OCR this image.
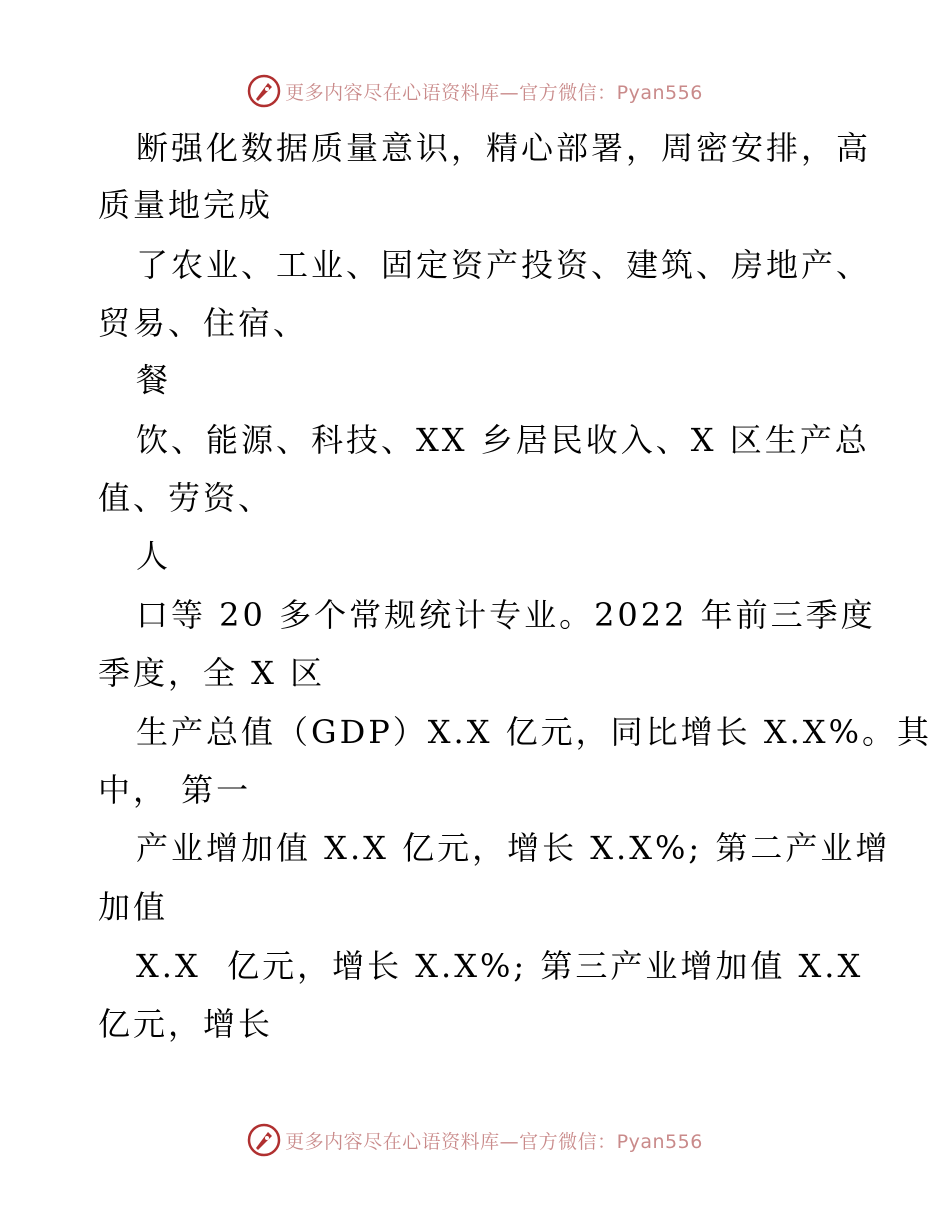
更多内容尽在心语资料库—官方微信：Pyan556
断强化数据质量意识，精心部署，周密安排，高
质量地完成
了农业、工业、固定资产投资、建筑、房地产、
贸易、住宿、
餐
饮、能源、科技、XX 乡居民收入、X 区生产总
值、劳资、
人
口等 20 多个常规统计专业。2022 年前三季度
季度，全 X 区
生产总值（GDP）X.X 亿元，同比增长 X.X%。其
中， 第一
产业增加值 X.X 亿元，增长 X.X%; 第二产业增
加值
X.X  亿元，增长 X.X%; 第三产业增加值 X.X
亿元，增长
更多内容尽在心语资料库—官方微信：Pyan556
